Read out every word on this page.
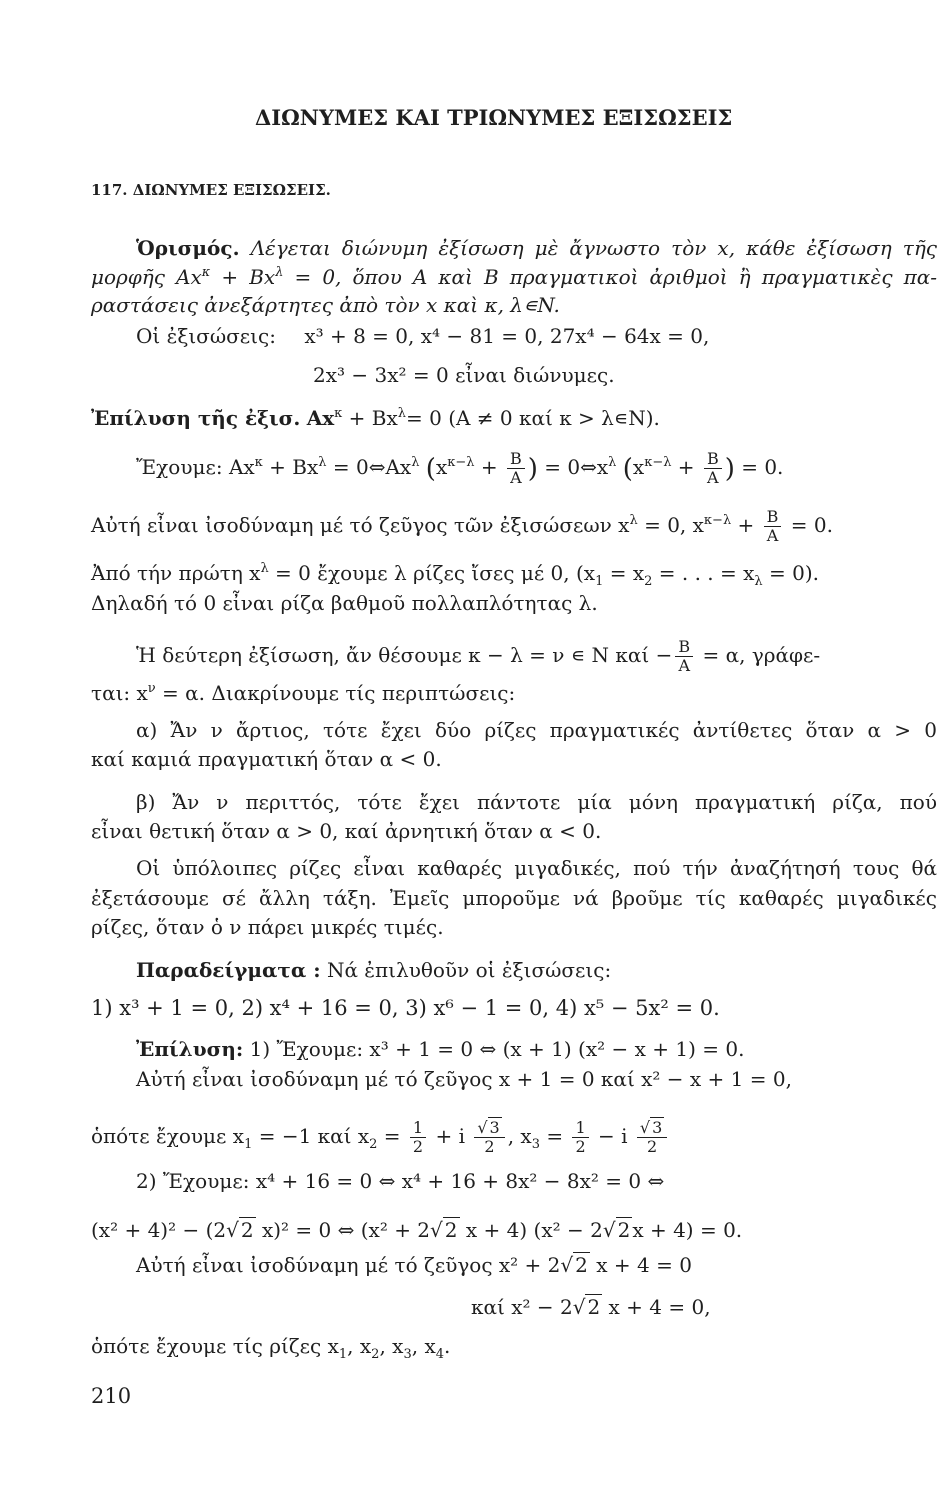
ΔΙΩΝΥΜΕΣ ΚΑΙ ΤΡΙΩΝΥΜΕΣ ΕΞΙΣΩΣΕΙΣ
117. ΔΙΩΝΥΜΕΣ ΕΞΙΣΩΣΕΙΣ.
Ὁρισμός. Λέγεται διώνυμη ἐξίσωση μὲ ἄγνωστο τὸν x, κάθε ἐξίσωση τῆς
μορφῆς $Ax^\kappa + Bx^\lambda = 0$, ὅπου A καὶ B πραγματικοὶ ἀριθμοὶ ἢ πραγματικὲς πα-
ραστάσεις ἀνεξάρτητες ἀπὸ τὸν x καὶ κ, λ∊N.
Οἱ ἐξισώσεις: x³ + 8 = 0, x⁴ − 81 = 0, 27x⁴ − 64x = 0,
2x³ − 3x² = 0 εἶναι διώνυμες.
Ἐπίλυση τῆς ἐξισ. $Ax^\kappa + Bx^\lambda= 0$ (A ≠ 0 καί κ > λ∊N).
Ἔχουμε: $Ax^\kappa + Bx^\lambda$ = $0\Leftrightarrow Ax^\lambda$ ($x^{\kappa-\lambda} + \frac{B}{A}$ ) = $0\Leftrightarrow x^\lambda$ ($x^{\kappa-\lambda} + \frac{B}{A}$ ) = 0.
Αὐτή εἶναι ἰσοδύναμη μέ τό ζεῦγος τῶν ἐξισώσεων $x^\lambda = 0$, $x^{\kappa-\lambda} + \frac{B}{A} = 0$.
Ἀπό τήν πρώτη $x^\lambda = 0$ ἔχουμε λ ρίζες ἴσες μέ 0, ($x_1 = x_2$ = . . . = $x_\lambda = 0$).
Δηλαδή τό 0 εἶναι ρίζα βαθμοῦ πολλαπλότητας λ.
Ἡ δεύτερη ἐξίσωση, ἄν θέσουμε κ − λ = ν ∊ N $\kappa\alpha ί - \frac{B}{A} = \alpha$, γράφε-
ται: $x^\nu = \alpha$. Διακρίνουμε τίς περιπτώσεις:
α) Ἄν ν ἄρτιος, τότε ἔχει δύο ρίζες πραγματικές ἀντίθετες ὅταν α > 0
καί καμιά πραγματική ὅταν α < 0.
β) Ἄν ν περιττός, τότε ἔχει πάντοτε μία μόνη πραγματική ρίζα, πού
εἶναι θετική ὅταν α > 0, καί ἀρνητική ὅταν α < 0.
Οἱ ὑπόλοιπες ρίζες εἶναι καθαρές μιγαδικές, πού τήν ἀναζήτησή τους θά
ἐξετάσουμε σέ ἄλλη τάξη. Ἐμεῖς μποροῦμε νά βροῦμε τίς καθαρές μιγαδικές
ρίζες, ὅταν ὁ ν πάρει μικρές τιμές.
Παραδείγματα : Νά ἐπιλυθοῦν οἱ ἐξισώσεις:
1) x³ + 1 = 0, 2) x⁴ + 16 = 0, 3) x⁶ − 1 = 0, 4) x⁵ − 5x² = 0.
Ἐπίλυση: 1) Ἔχουμε: x³ + 1 = 0 ⇔ (x + 1) (x² − x + 1) = 0.
Αὐτή εἶναι ἰσοδύναμη μέ τό ζεῦγος x + 1 = 0 καί x² − x + 1 = 0,
ὁπότε ἔχουμε $x_1 = -1$ καί $x_2 = \frac{1}{2} + i \frac{√ 3}{2}$ , $x_3 = \frac{1}{2} - i \frac{√ 3}{2}$
2) Ἔχουμε: x⁴ + 16 = 0 ⇔ x⁴ + 16 + 8x² − 8x² = 0 ⇔
(x² + 4)² − (2√ 2 x)² = 0 ⇔ (x² + 2√ 2 x + 4) (x² − 2√ 2 x + 4) = 0.
Αὐτή εἶναι ἰσοδύναμη μέ τό ζεῦγος x² + 2√ 2 x + 4 = 0
καί x² − 2√ 2 x + 4 = 0,
ὁπότε ἔχουμε τίς ρίζες $x_1$, $x_2$, $x_3$, $x_4$.
210
